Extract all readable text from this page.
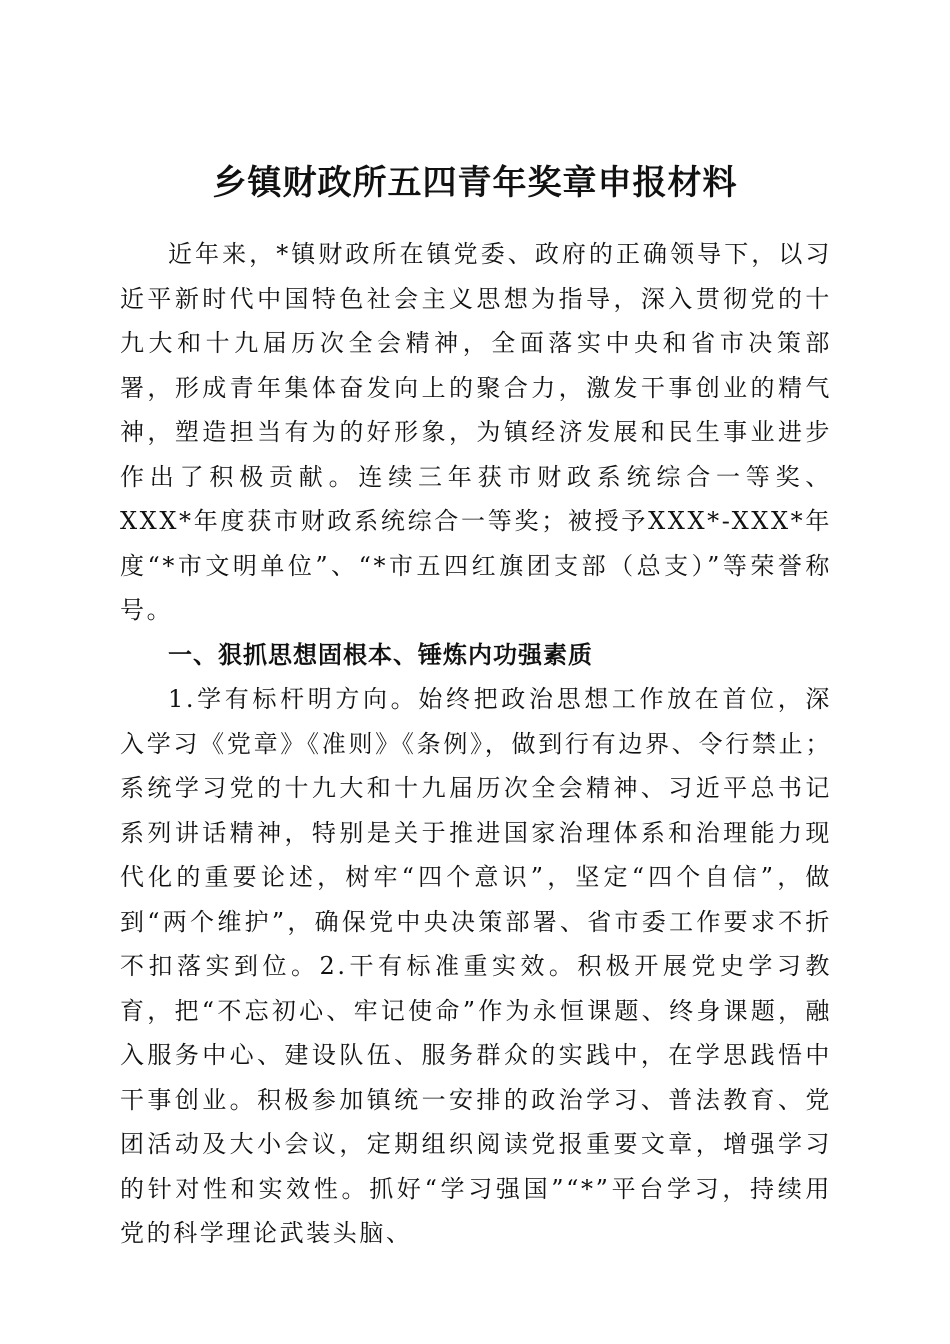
乡镇财政所五四青年奖章申报材料

近年来，*镇财政所在镇党委、政府的正确领导下，以习近平新时代中国特色社会主义思想为指导，深入贯彻党的十九大和十九届历次全会精神，全面落实中央和省市决策部署，形成青年集体奋发向上的聚合力，激发干事创业的精气神，塑造担当有为的好形象，为镇经济发展和民生事业进步作出了积极贡献。连续三年获市财政系统综合一等奖、XXX*年度获市财政系统综合一等奖；被授予XXX*-XXX*年度“*市文明单位”、“*市五四红旗团支部（总支）”等荣誉称号。

一、狠抓思想固根本、锤炼内功强素质

1.学有标杆明方向。始终把政治思想工作放在首位，深入学习《党章》《准则》《条例》，做到行有边界、令行禁止；系统学习党的十九大和十九届历次全会精神、习近平总书记系列讲话精神，特别是关于推进国家治理体系和治理能力现代化的重要论述，树牢“四个意识”，坚定“四个自信”，做到“两个维护”，确保党中央决策部署、省市委工作要求不折不扣落实到位。2.干有标准重实效。积极开展党史学习教育，把“不忘初心、牢记使命”作为永恒课题、终身课题，融入服务中心、建设队伍、服务群众的实践中，在学思践悟中干事创业。积极参加镇统一安排的政治学习、普法教育、党团活动及大小会议，定期组织阅读党报重要文章，增强学习的针对性和实效性。抓好“学习强国”“*”平台学习，持续用党的科学理论武装头脑、
